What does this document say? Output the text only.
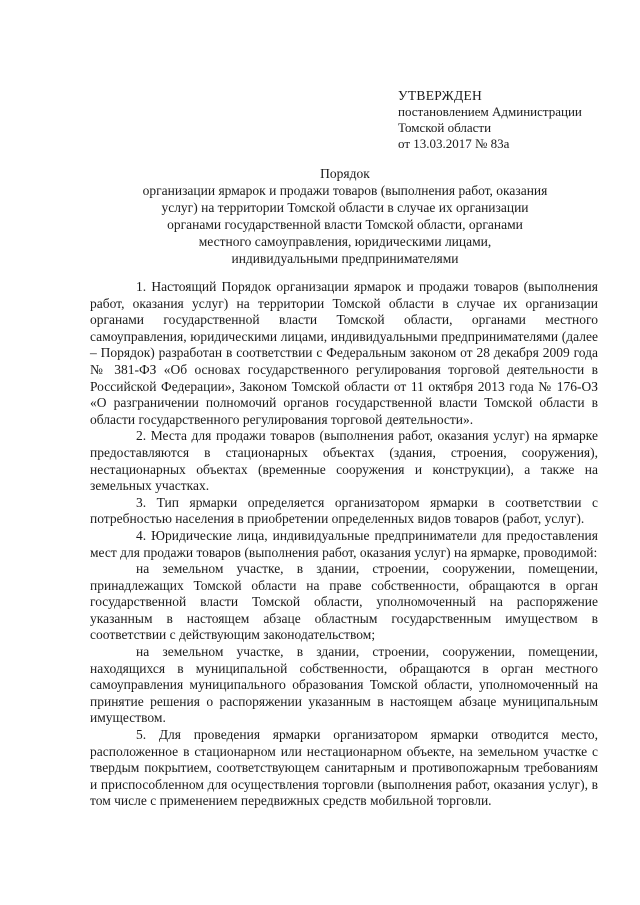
УТВЕРЖДЕН
постановлением Администрации
Томской области
от 13.03.2017 № 83а
Порядок
организации ярмарок и продажи товаров (выполнения работ, оказания
услуг) на территории Томской области в случае их организации
органами государственной власти Томской области, органами
местного самоуправления, юридическими лицами,
индивидуальными предпринимателями

1. Настоящий Порядок организации ярмарок и продажи товаров (выполнения работ, оказания услуг) на территории Томской области в случае их организации органами государственной власти Томской области, органами местного самоуправления, юридическими лицами, индивидуальными предпринимателями (далее – Порядок) разработан в соответствии с Федеральным законом от 28 декабря 2009 года № 381-ФЗ «Об основах государственного регулирования торговой деятельности в Российской Федерации», Законом Томской области от 11 октября 2013 года № 176-ОЗ «О разграничении полномочий органов государственной власти Томской области в области государственного регулирования торговой деятельности».

2. Места для продажи товаров (выполнения работ, оказания услуг) на ярмарке предоставляются в стационарных объектах (здания, строения, сооружения), нестационарных объектах (временные сооружения и конструкции), а также на земельных участках.

3. Тип ярмарки определяется организатором ярмарки в соответствии с потребностью населения в приобретении определенных видов товаров (работ, услуг).

4. Юридические лица, индивидуальные предприниматели для предоставления мест для продажи товаров (выполнения работ, оказания услуг) на ярмарке, проводимой:

на земельном участке, в здании, строении, сооружении, помещении, принадлежащих Томской области на праве собственности, обращаются в орган государственной власти Томской области, уполномоченный на распоряжение указанным в настоящем абзаце областным государственным имуществом в соответствии с действующим законодательством;

на земельном участке, в здании, строении, сооружении, помещении, находящихся в муниципальной собственности, обращаются в орган местного самоуправления муниципального образования Томской области, уполномоченный на принятие решения о распоряжении указанным в настоящем абзаце муниципальным имуществом.

5. Для проведения ярмарки организатором ярмарки отводится место, расположенное в стационарном или нестационарном объекте, на земельном участке с твердым покрытием, соответствующем санитарным и противопожарным требованиям и приспособленном для осуществления торговли (выполнения работ, оказания услуг), в том числе с применением передвижных средств мобильной торговли.
